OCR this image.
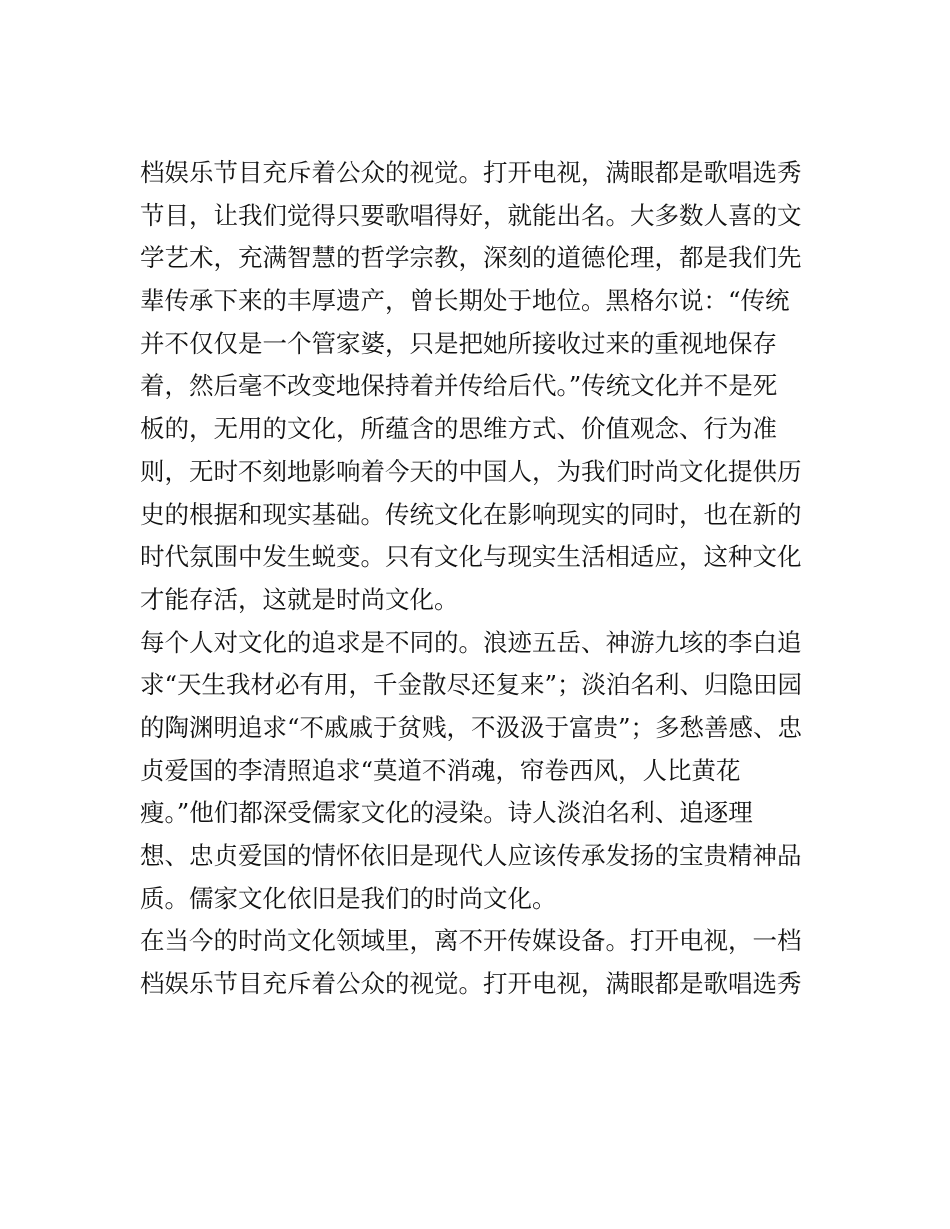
档娱乐节目充斥着公众的视觉。打开电视，满眼都是歌唱选秀
节目，让我们觉得只要歌唱得好，就能出名。大多数人喜的文
学艺术，充满智慧的哲学宗教，深刻的道德伦理，都是我们先
辈传承下来的丰厚遗产，曾长期处于地位。黑格尔说：“传统
并不仅仅是一个管家婆，只是把她所接收过来的重视地保存
着，然后毫不改变地保持着并传给后代。”传统文化并不是死
板的，无用的文化，所蕴含的思维方式、价值观念、行为准
则，无时不刻地影响着今天的中国人，为我们时尚文化提供历
史的根据和现实基础。传统文化在影响现实的同时，也在新的
时代氛围中发生蜕变。只有文化与现实生活相适应，这种文化
才能存活，这就是时尚文化。
每个人对文化的追求是不同的。浪迹五岳、神游九垓的李白追
求“天生我材必有用，千金散尽还复来”；淡泊名利、归隐田园
的陶渊明追求“不戚戚于贫贱，不汲汲于富贵”；多愁善感、忠
贞爱国的李清照追求“莫道不消魂，帘卷西风，人比黄花
瘦。”他们都深受儒家文化的浸染。诗人淡泊名利、追逐理
想、忠贞爱国的情怀依旧是现代人应该传承发扬的宝贵精神品
质。儒家文化依旧是我们的时尚文化。
在当今的时尚文化领域里，离不开传媒设备。打开电视，一档
档娱乐节目充斥着公众的视觉。打开电视，满眼都是歌唱选秀
